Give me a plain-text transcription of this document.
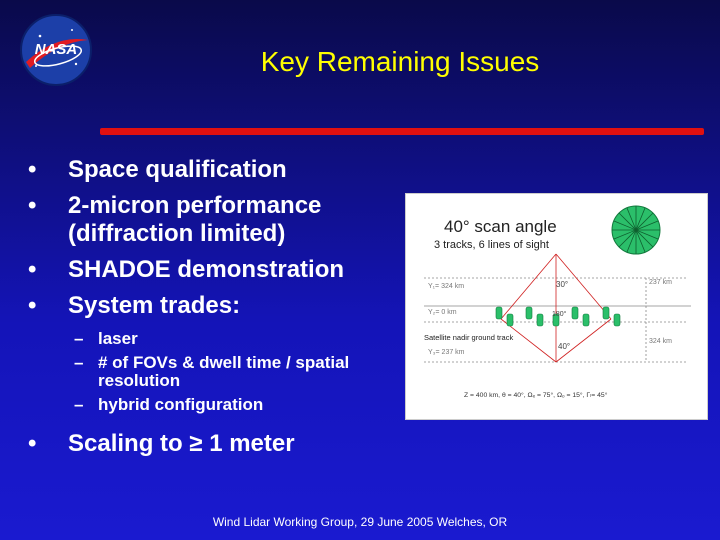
NASA	Key Remaining Issues
• Space qualification
• 2-micron performance (diffraction limited)
• SHADOE demonstration
• System trades:
– laser
– # of FOVs & dwell time / spatial resolution
– hybrid configuration
• Scaling to ≥ 1 meter
40° scan angle
3 tracks, 6 lines of sight
30°
180°
40°
Y₁= 324 km
Y₂= 0 km
Satellite nadir ground track
Y₃= 237 km
237 km
324 km
Z = 400 km, θ = 40°, Ωₑ = 75°, Ωₒ = 15°, Γₗ= 45°
Wind Lidar Working Group, 29 June 2005 Welches, OR
